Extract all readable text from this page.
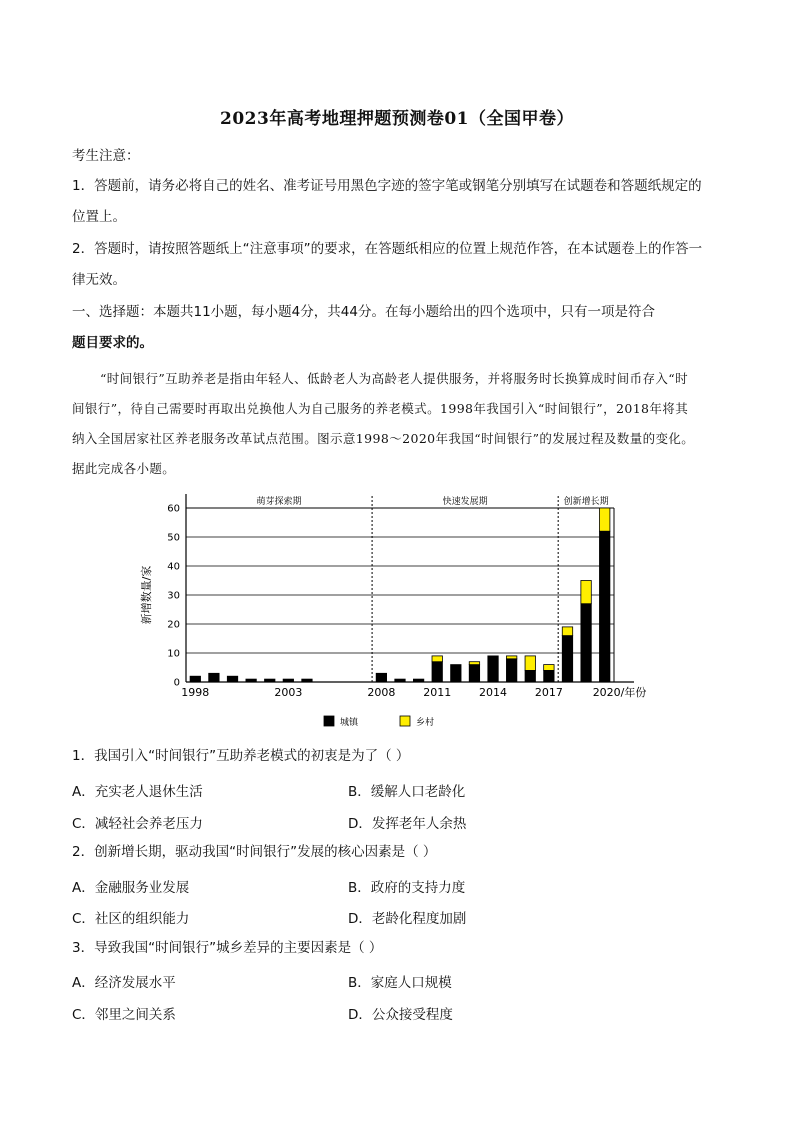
2023年高考地理押题预测卷01（全国甲卷）
考生注意：
1．答题前，请务必将自己的姓名、准考证号用黑色字迹的签字笔或钢笔分别填写在试题卷和答题纸规定的
位置上。
2．答题时，请按照答题纸上“注意事项”的要求，在答题纸相应的位置上规范作答，在本试题卷上的作答一
律无效。
一、选择题：本题共11小题，每小题4分，共44分。在每小题给出的四个选项中，只有一项是符合
题目要求的。
“时间银行”互助养老是指由年轻人、低龄老人为高龄老人提供服务，并将服务时长换算成时间币存入“时
间银行”，待自己需要时再取出兑换他人为自己服务的养老模式。1998年我国引入“时间银行”，2018年将其
纳入全国居家社区养老服务改革试点范围。图示意1998～2020年我国“时间银行”的发展过程及数量的变化。
据此完成各小题。
0
10
20
30
40
50
60
萌芽探索期	快速发展期	创新增长期
1998	2003	2008	2011	2014	2017	2020/年份
新增数量/家
城镇	乡村
1．我国引入“时间银行”互助养老模式的初衷是为了（ ）
A．充实老人退休生活	B．缓解人口老龄化
C．减轻社会养老压力	D．发挥老年人余热
2．创新增长期，驱动我国“时间银行”发展的核心因素是（ ）
A．金融服务业发展	B．政府的支持力度
C．社区的组织能力	D．老龄化程度加剧
3．导致我国“时间银行”城乡差异的主要因素是（ ）
A．经济发展水平	B．家庭人口规模
C．邻里之间关系	D．公众接受程度
